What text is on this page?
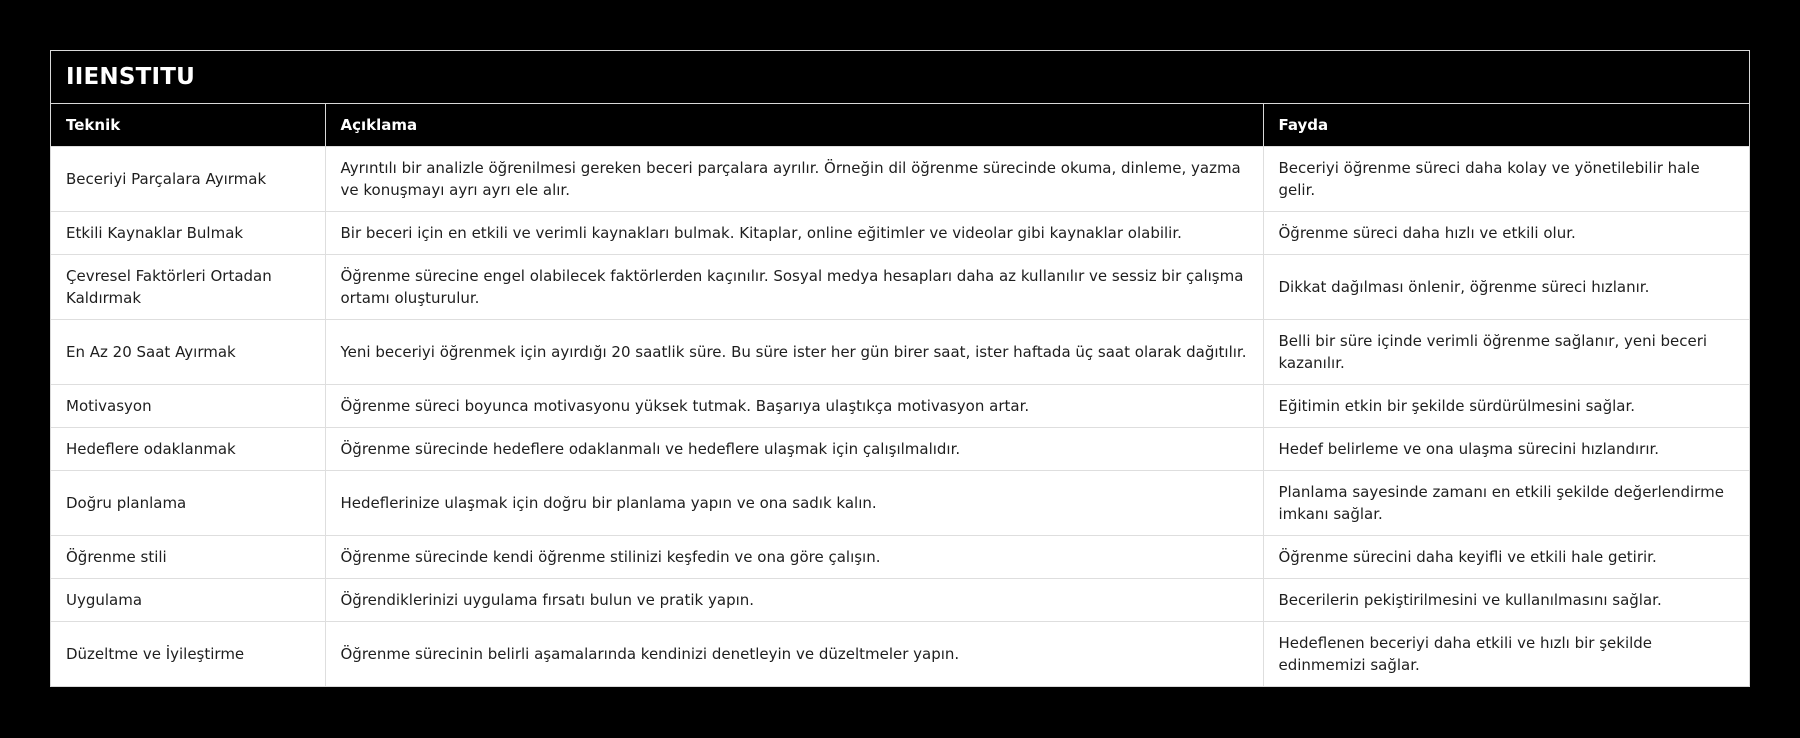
IIENSTITU
Teknik	Açıklama	Fayda
Beceriyi Parçalara Ayırmak	Ayrıntılı bir analizle öğrenilmesi gereken beceri parçalara ayrılır. Örneğin dil öğrenme sürecinde okuma, dinleme, yazma ve konuşmayı ayrı ayrı ele alır.	Beceriyi öğrenme süreci daha kolay ve yönetilebilir hale gelir.
Etkili Kaynaklar Bulmak	Bir beceri için en etkili ve verimli kaynakları bulmak. Kitaplar, online eğitimler ve videolar gibi kaynaklar olabilir.	Öğrenme süreci daha hızlı ve etkili olur.
Çevresel Faktörleri Ortadan Kaldırmak	Öğrenme sürecine engel olabilecek faktörlerden kaçınılır. Sosyal medya hesapları daha az kullanılır ve sessiz bir çalışma ortamı oluşturulur.	Dikkat dağılması önlenir, öğrenme süreci hızlanır.
En Az 20 Saat Ayırmak	Yeni beceriyi öğrenmek için ayırdığı 20 saatlik süre. Bu süre ister her gün birer saat, ister haftada üç saat olarak dağıtılır.	Belli bir süre içinde verimli öğrenme sağlanır, yeni beceri kazanılır.
Motivasyon	Öğrenme süreci boyunca motivasyonu yüksek tutmak. Başarıya ulaştıkça motivasyon artar.	Eğitimin etkin bir şekilde sürdürülmesini sağlar.
Hedeflere odaklanmak	Öğrenme sürecinde hedeflere odaklanmalı ve hedeflere ulaşmak için çalışılmalıdır.	Hedef belirleme ve ona ulaşma sürecini hızlandırır.
Doğru planlama	Hedeflerinize ulaşmak için doğru bir planlama yapın ve ona sadık kalın.	Planlama sayesinde zamanı en etkili şekilde değerlendirme imkanı sağlar.
Öğrenme stili	Öğrenme sürecinde kendi öğrenme stilinizi keşfedin ve ona göre çalışın.	Öğrenme sürecini daha keyifli ve etkili hale getirir.
Uygulama	Öğrendiklerinizi uygulama fırsatı bulun ve pratik yapın.	Becerilerin pekiştirilmesini ve kullanılmasını sağlar.
Düzeltme ve İyileştirme	Öğrenme sürecinin belirli aşamalarında kendinizi denetleyin ve düzeltmeler yapın.	Hedeflenen beceriyi daha etkili ve hızlı bir şekilde edinmemizi sağlar.
